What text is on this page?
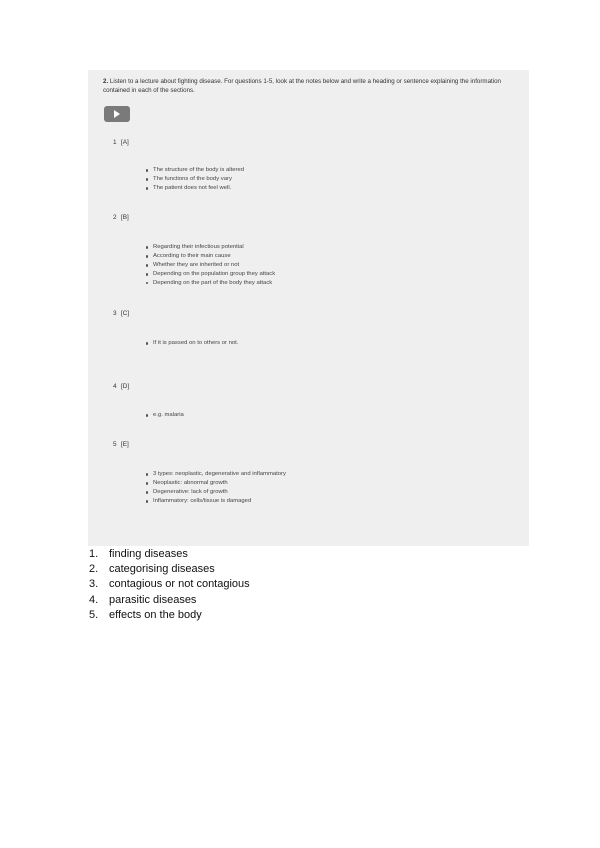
2. Listen to a lecture about fighting disease. For questions 1-5, look at the notes below and write a heading or sentence explaining the information contained in each of the sections.
1 [A]
The structure of the body is altered
The functions of the body vary
The patient does not feel well.
2 [B]
Regarding their infectious potential
According to their main cause
Whether they are inherited or not
Depending on the population group they attack
Depending on the part of the body they attack
3 [C]
If it is passed on to others or not.
4 [D]
e.g. malaria
5 [E]
3 types: neoplastic, degenerative and inflammatory
Neoplastic: abnormal growth
Degenerative: lack of growth
Inflammatory: cells/tissue is damaged
1. finding diseases
2. categorising diseases
3. contagious or not contagious
4. parasitic diseases
5. effects on the body
